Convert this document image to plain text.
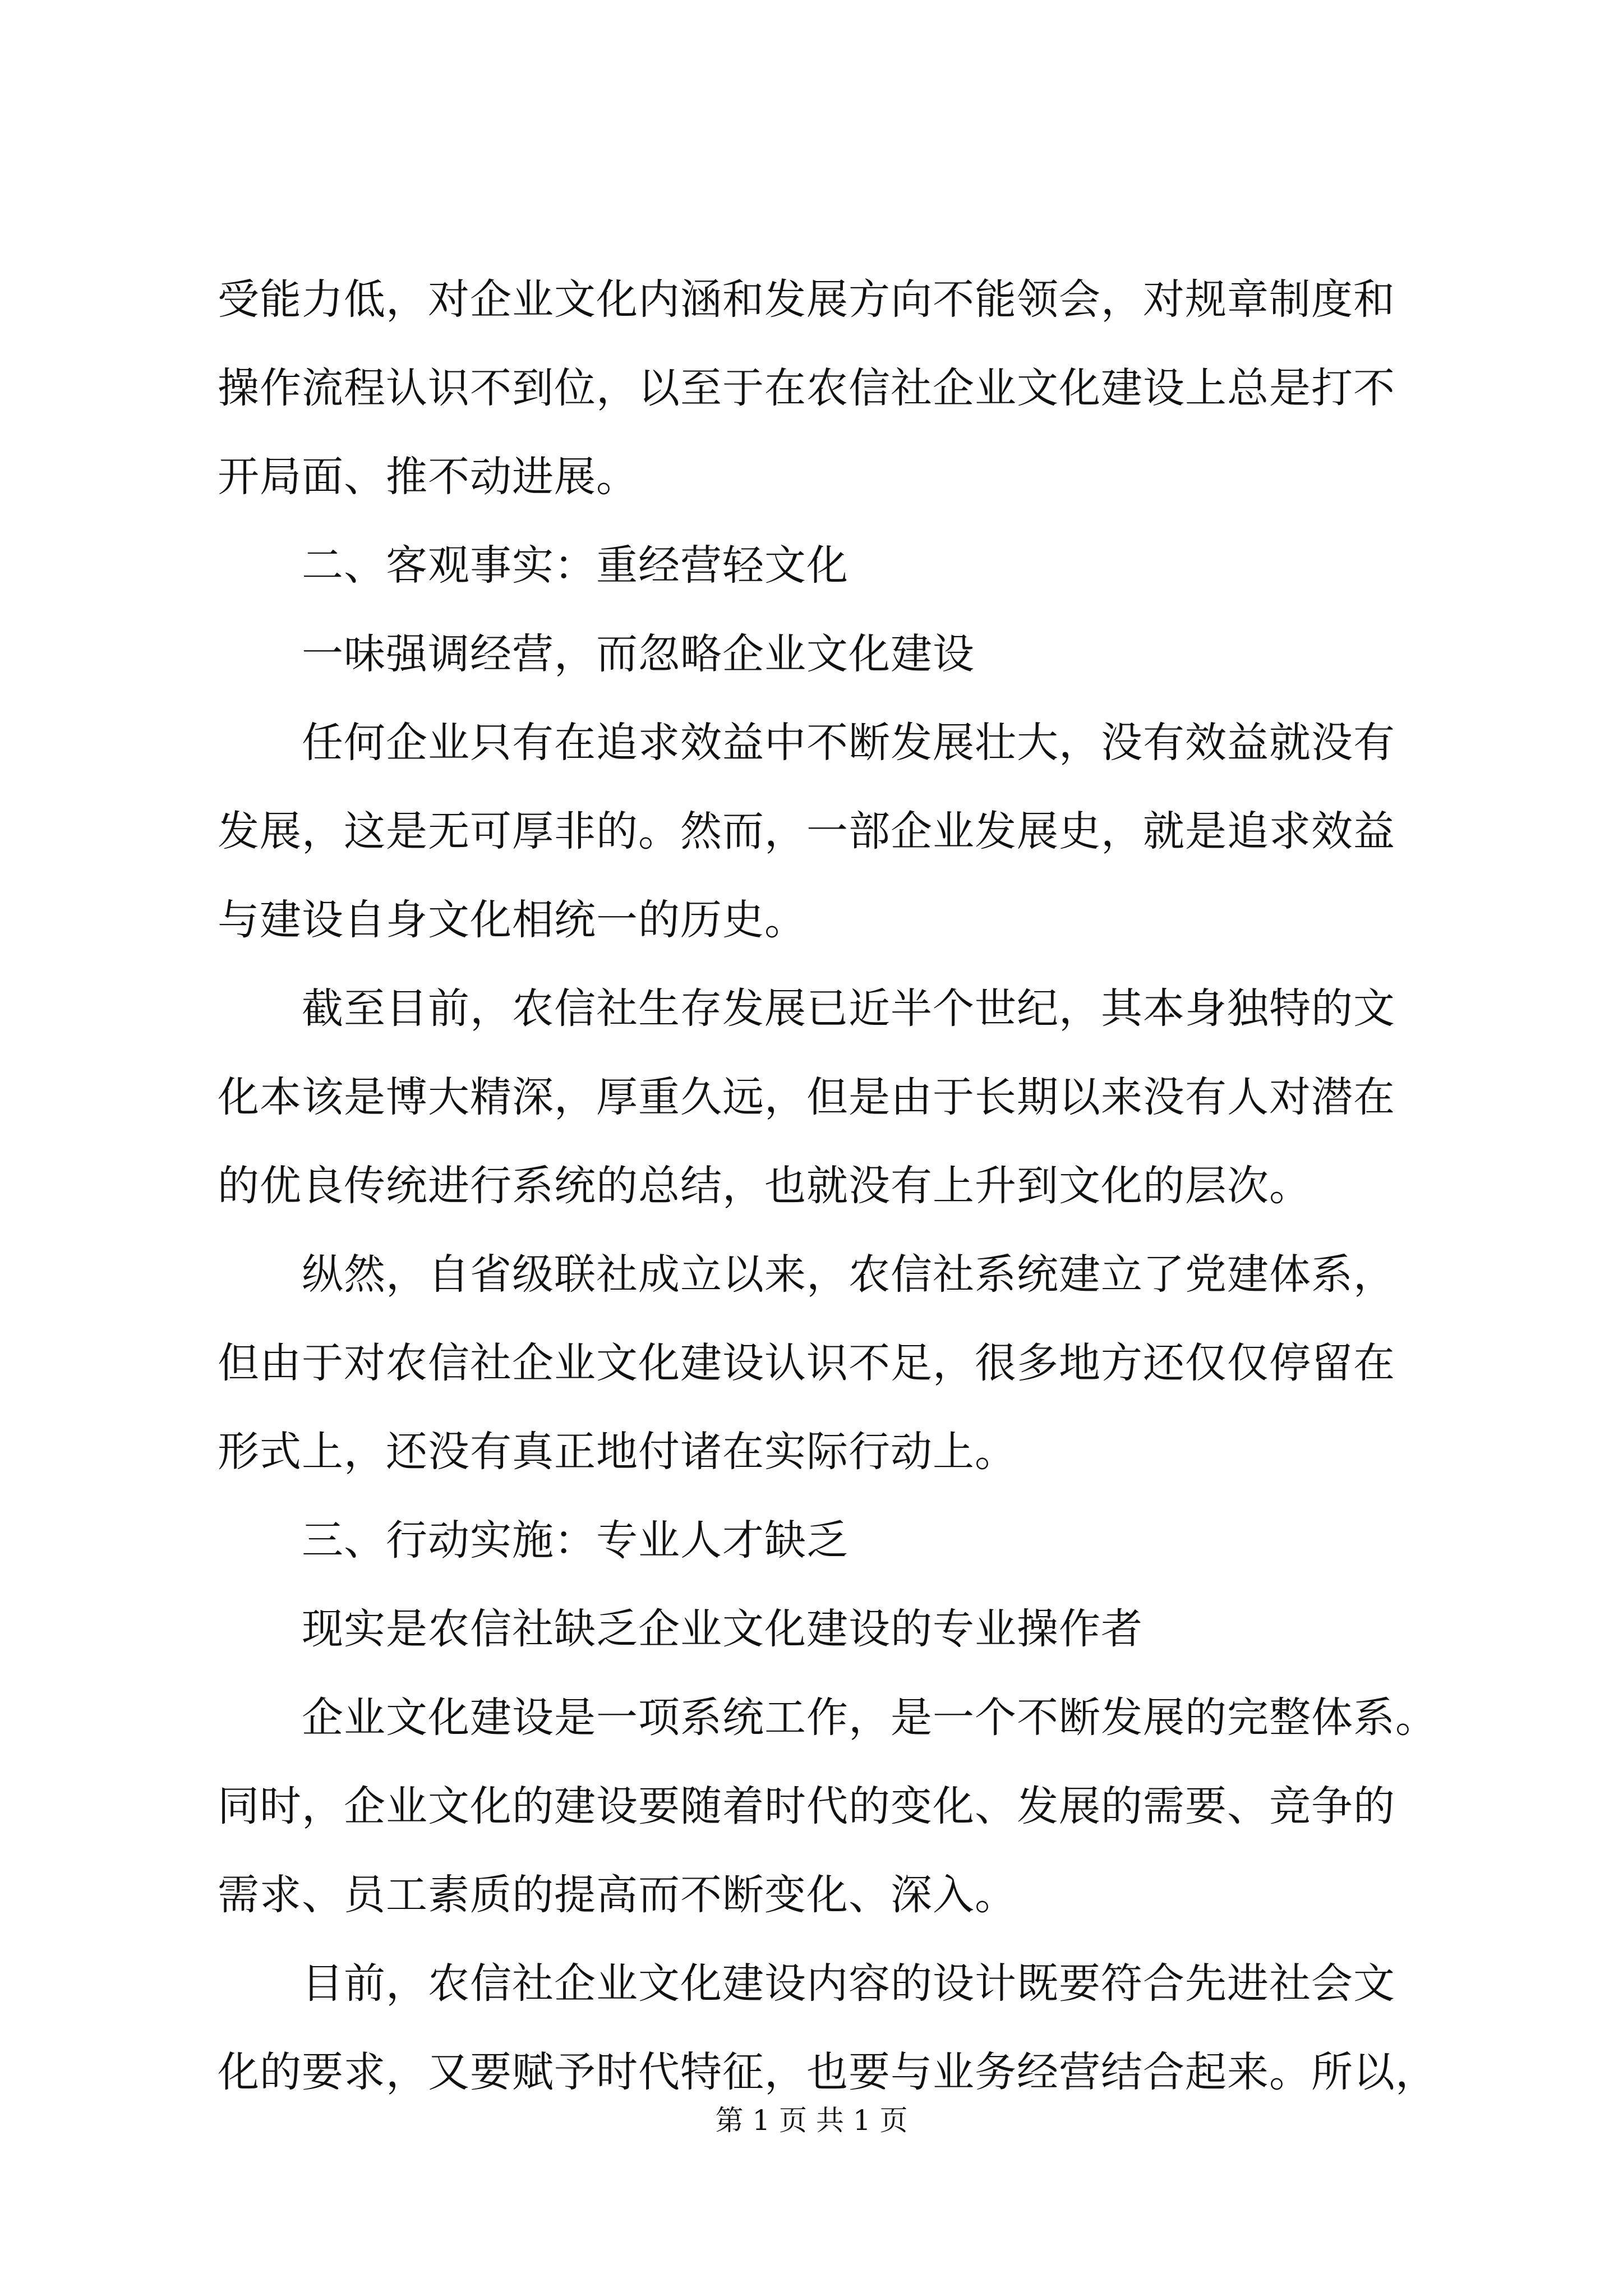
受能力低，对企业文化内涵和发展方向不能领会，对规章制度和
操作流程认识不到位，以至于在农信社企业文化建设上总是打不
开局面、推不动进展。
二、客观事实：重经营轻文化
一味强调经营，而忽略企业文化建设
任何企业只有在追求效益中不断发展壮大，没有效益就没有
发展，这是无可厚非的。然而，一部企业发展史，就是追求效益
与建设自身文化相统一的历史。
截至目前，农信社生存发展已近半个世纪，其本身独特的文
化本该是博大精深，厚重久远，但是由于长期以来没有人对潜在
的优良传统进行系统的总结，也就没有上升到文化的层次。
纵然，自省级联社成立以来，农信社系统建立了党建体系，
但由于对农信社企业文化建设认识不足，很多地方还仅仅停留在
形式上，还没有真正地付诸在实际行动上。
三、行动实施：专业人才缺乏
现实是农信社缺乏企业文化建设的专业操作者
企业文化建设是一项系统工作，是一个不断发展的完整体系。
同时，企业文化的建设要随着时代的变化、发展的需要、竞争的
需求、员工素质的提高而不断变化、深入。
目前，农信社企业文化建设内容的设计既要符合先进社会文
化的要求，又要赋予时代特征，也要与业务经营结合起来。所以，
第 1 页 共 1 页
